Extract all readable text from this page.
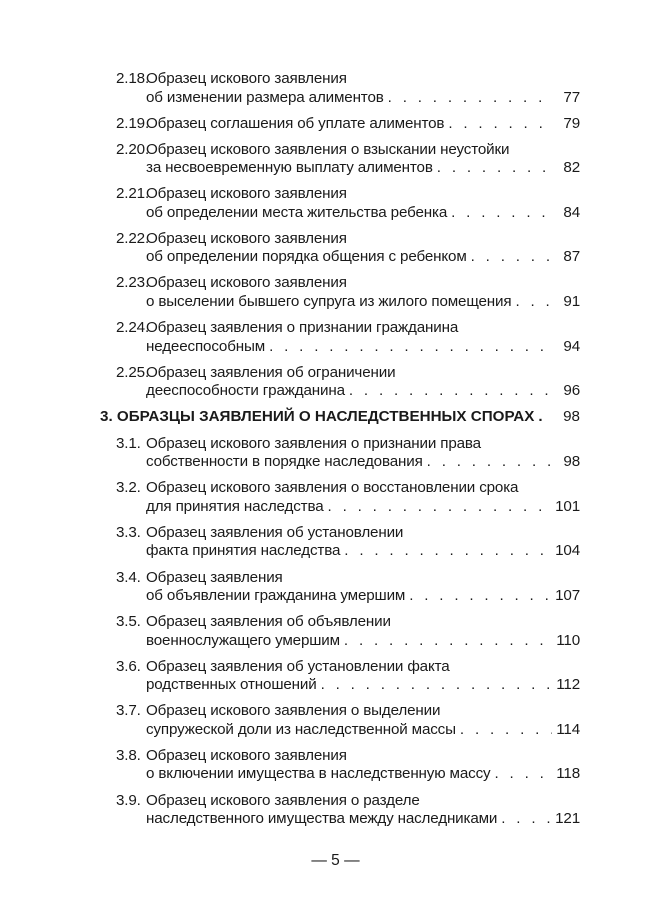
2.18.
Образец искового заявления
об изменении размера алиментов . . .	77
2.19.
Образец соглашения об уплате алиментов . . .	79
2.20.
Образец искового заявления о взыскании неустойки
за несвоевременную выплату алиментов . . .	82
2.21.
Образец искового заявления
об определении места жительства ребенка . . .	84
2.22.
Образец искового заявления
об определении порядка общения с ребенком . . .	87
2.23.
Образец искового заявления
о выселении бывшего супруга из жилого помещения . . .	91
2.24.
Образец заявления о признании гражданина
недееспособным . . .	94
2.25.
Образец заявления об ограничении
дееспособности гражданина . . .	96
3. ОБРАЗЦЫ ЗАЯВЛЕНИЙ О НАСЛЕДСТВЕННЫХ СПОРАХ . . .	98
3.1. Образец искового заявления о признании права
собственности в порядке наследования . . .	98
3.2. Образец искового заявления о восстановлении срока
для принятия наследства . . .	101
3.3. Образец заявления об установлении
факта принятия наследства . . .	104
3.4. Образец заявления
об объявлении гражданина умершим . . .	107
3.5. Образец заявления об объявлении
военнослужащего умершим . . .	110
3.6. Образец заявления об установлении факта
родственных отношений . . .	112
3.7. Образец искового заявления о выделении
супружеской доли из наследственной массы . . .	114
3.8. Образец искового заявления
о включении имущества в наследственную массу . . .	118
3.9. Образец искового заявления о разделе
наследственного имущества между наследниками . . .	121
— 5 —
